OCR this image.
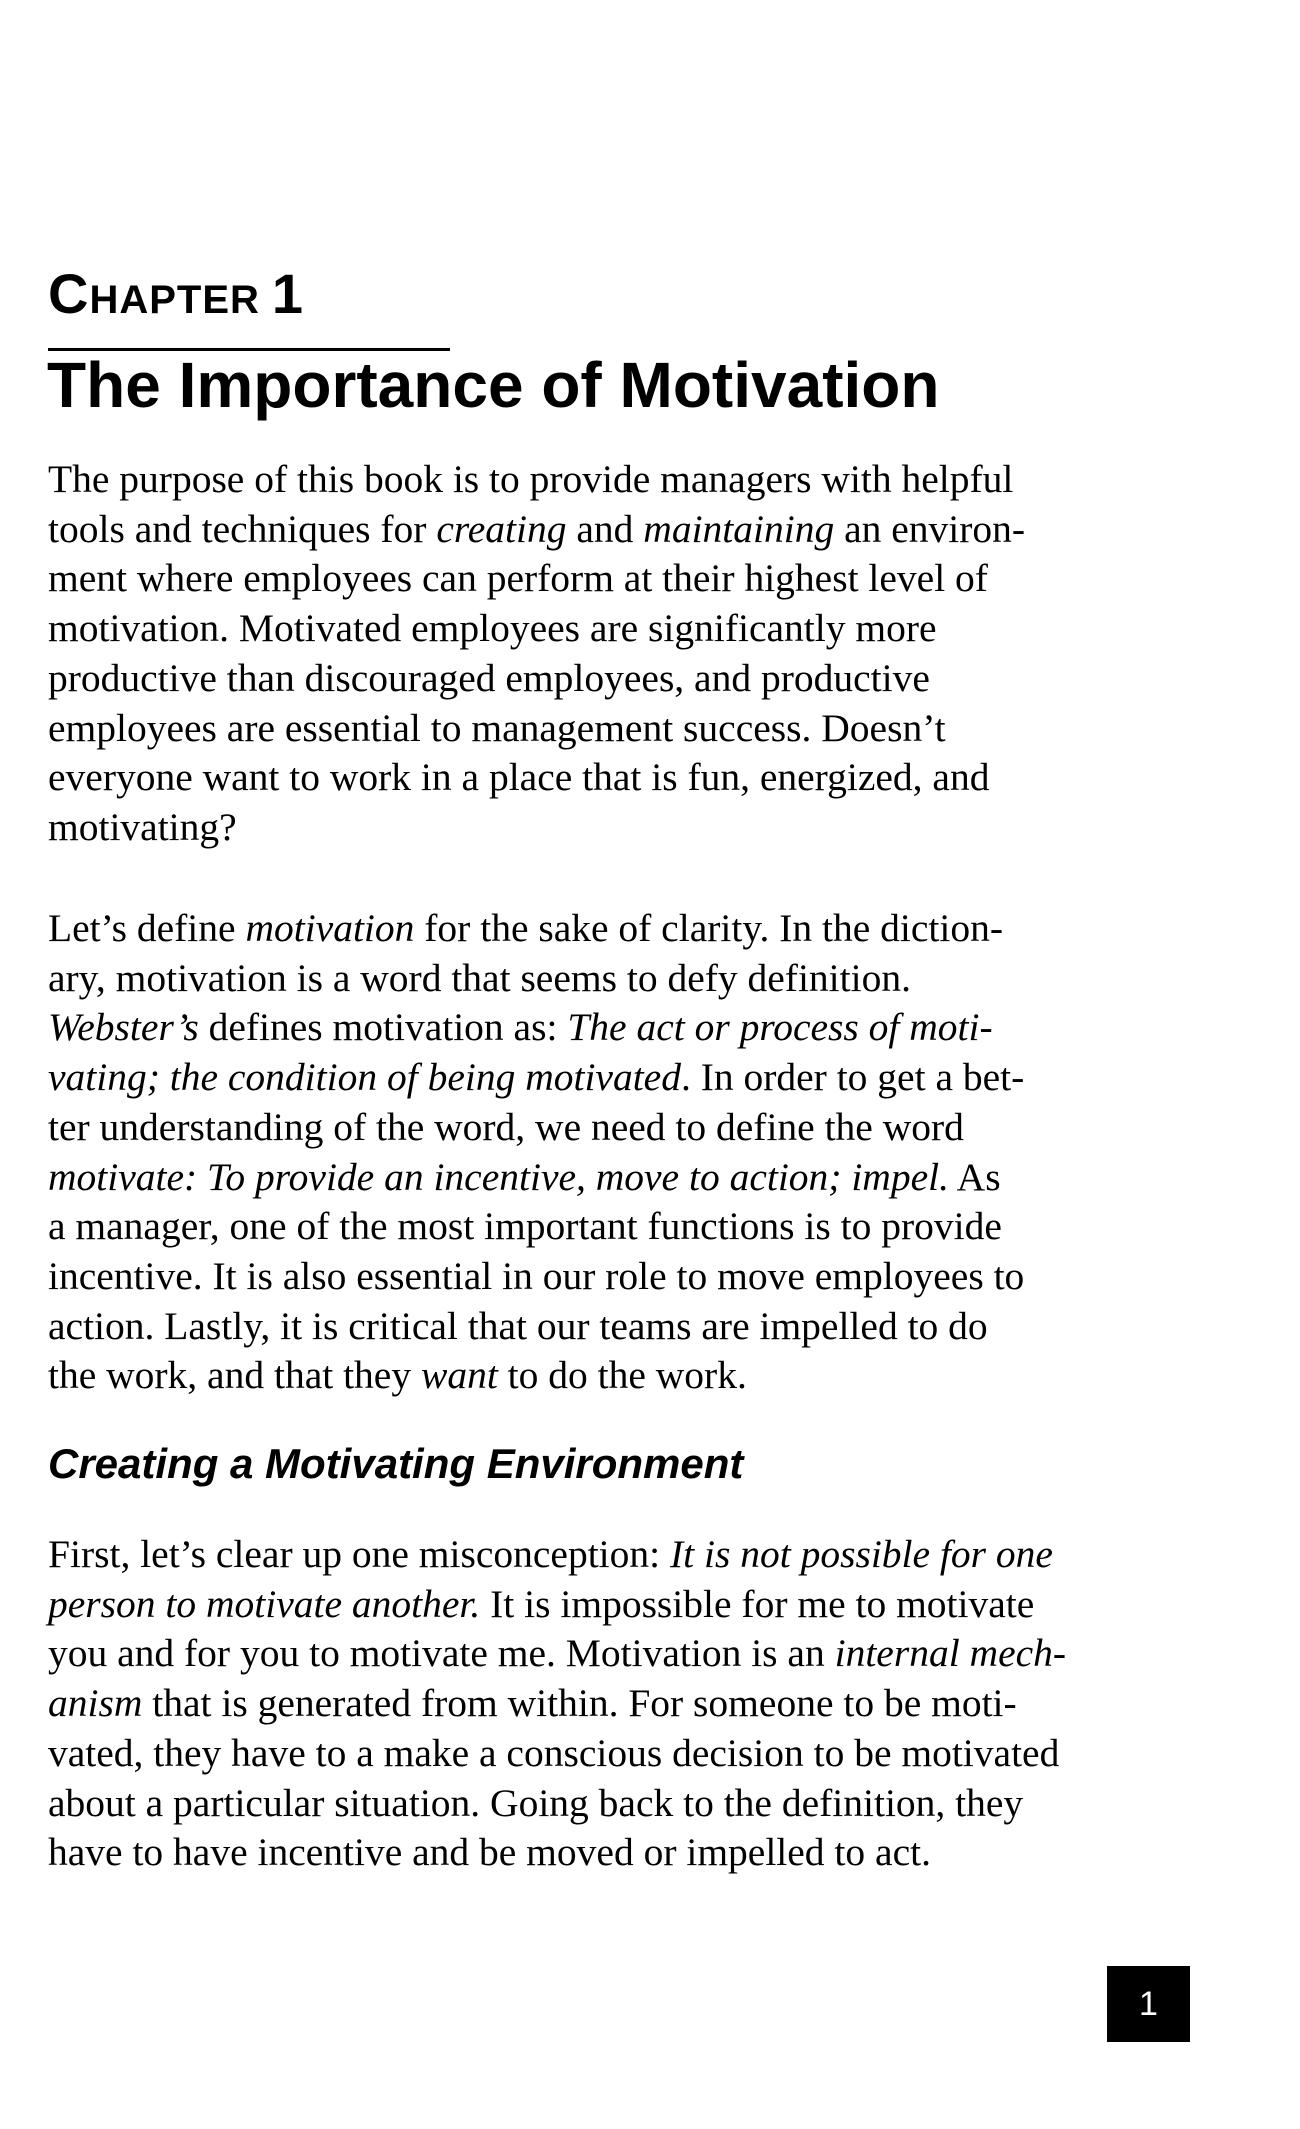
CHAPTER 1
The Importance of Motivation

The purpose of this book is to provide managers with helpful
tools and techniques for creating and maintaining an environ-
ment where employees can perform at their highest level of
motivation. Motivated employees are significantly more
productive than discouraged employees, and productive
employees are essential to management success. Doesn’t
everyone want to work in a place that is fun, energized, and
motivating?

Let’s define motivation for the sake of clarity. In the diction-
ary, motivation is a word that seems to defy definition.
Webster’s defines motivation as: The act or process of moti-
vating; the condition of being motivated. In order to get a bet-
ter understanding of the word, we need to define the word
motivate: To provide an incentive, move to action; impel. As
a manager, one of the most important functions is to provide
incentive. It is also essential in our role to move employees to
action. Lastly, it is critical that our teams are impelled to do
the work, and that they want to do the work.

Creating a Motivating Environment

First, let’s clear up one misconception: It is not possible for one
person to motivate another. It is impossible for me to motivate
you and for you to motivate me. Motivation is an internal mech-
anism that is generated from within. For someone to be moti-
vated, they have to a make a conscious decision to be motivated
about a particular situation. Going back to the definition, they
have to have incentive and be moved or impelled to act.

1
